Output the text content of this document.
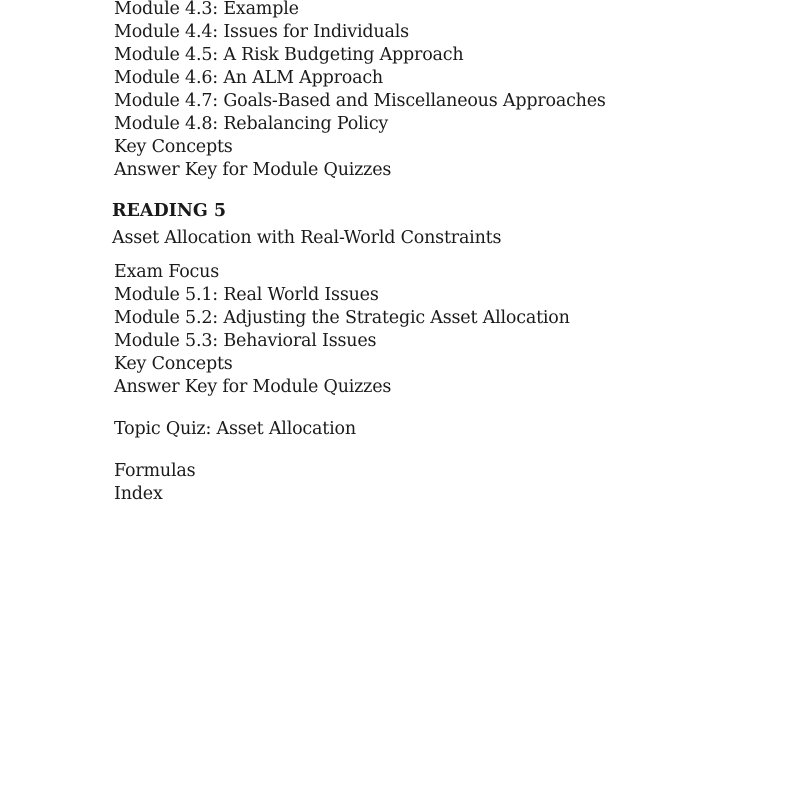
Module 4.3: Example
Module 4.4: Issues for Individuals
Module 4.5: A Risk Budgeting Approach
Module 4.6: An ALM Approach
Module 4.7: Goals-Based and Miscellaneous Approaches
Module 4.8: Rebalancing Policy
Key Concepts
Answer Key for Module Quizzes
READING 5
Asset Allocation with Real-World Constraints
Exam Focus
Module 5.1: Real World Issues
Module 5.2: Adjusting the Strategic Asset Allocation
Module 5.3: Behavioral Issues
Key Concepts
Answer Key for Module Quizzes
Topic Quiz: Asset Allocation
Formulas
Index
